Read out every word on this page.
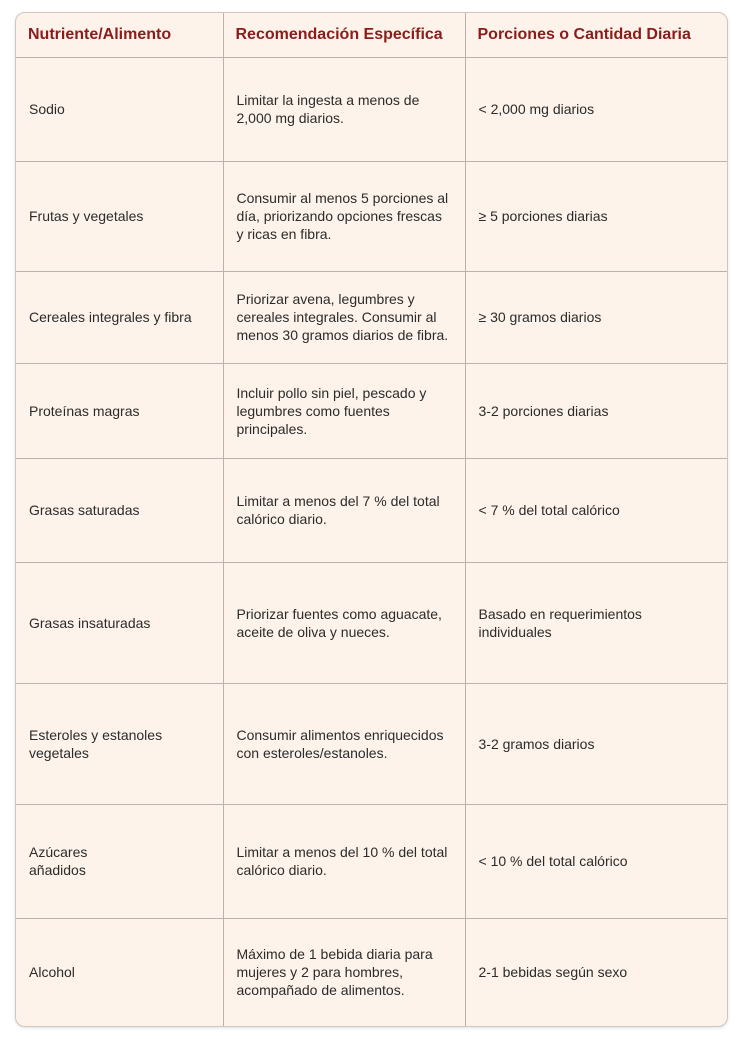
Nutriente/Alimento	Recomendación Específica	Porciones o Cantidad Diaria
Sodio	Limitar la ingesta a menos de 2,000 mg diarios.	< 2,000 mg diarios
Frutas y vegetales	Consumir al menos 5 porciones al día, priorizando opciones frescas y ricas en fibra.	≥ 5 porciones diarias
Cereales integrales y fibra	Priorizar avena, legumbres y cereales integrales. Consumir al menos 30 gramos diarios de fibra.	≥ 30 gramos diarios
Proteínas magras	Incluir pollo sin piel, pescado y legumbres como fuentes principales.	3-2 porciones diarias
Grasas saturadas	Limitar a menos del 7 % del total calórico diario.	< 7 % del total calórico
Grasas insaturadas	Priorizar fuentes como aguacate, aceite de oliva y nueces.	Basado en requerimientos individuales
Esteroles y estanoles vegetales	Consumir alimentos enriquecidos con esteroles/estanoles.	3-2 gramos diarios
Azúcares añadidos	Limitar a menos del 10 % del total calórico diario.	< 10 % del total calórico
Alcohol	Máximo de 1 bebida diaria para mujeres y 2 para hombres, acompañado de alimentos.	2-1 bebidas según sexo
